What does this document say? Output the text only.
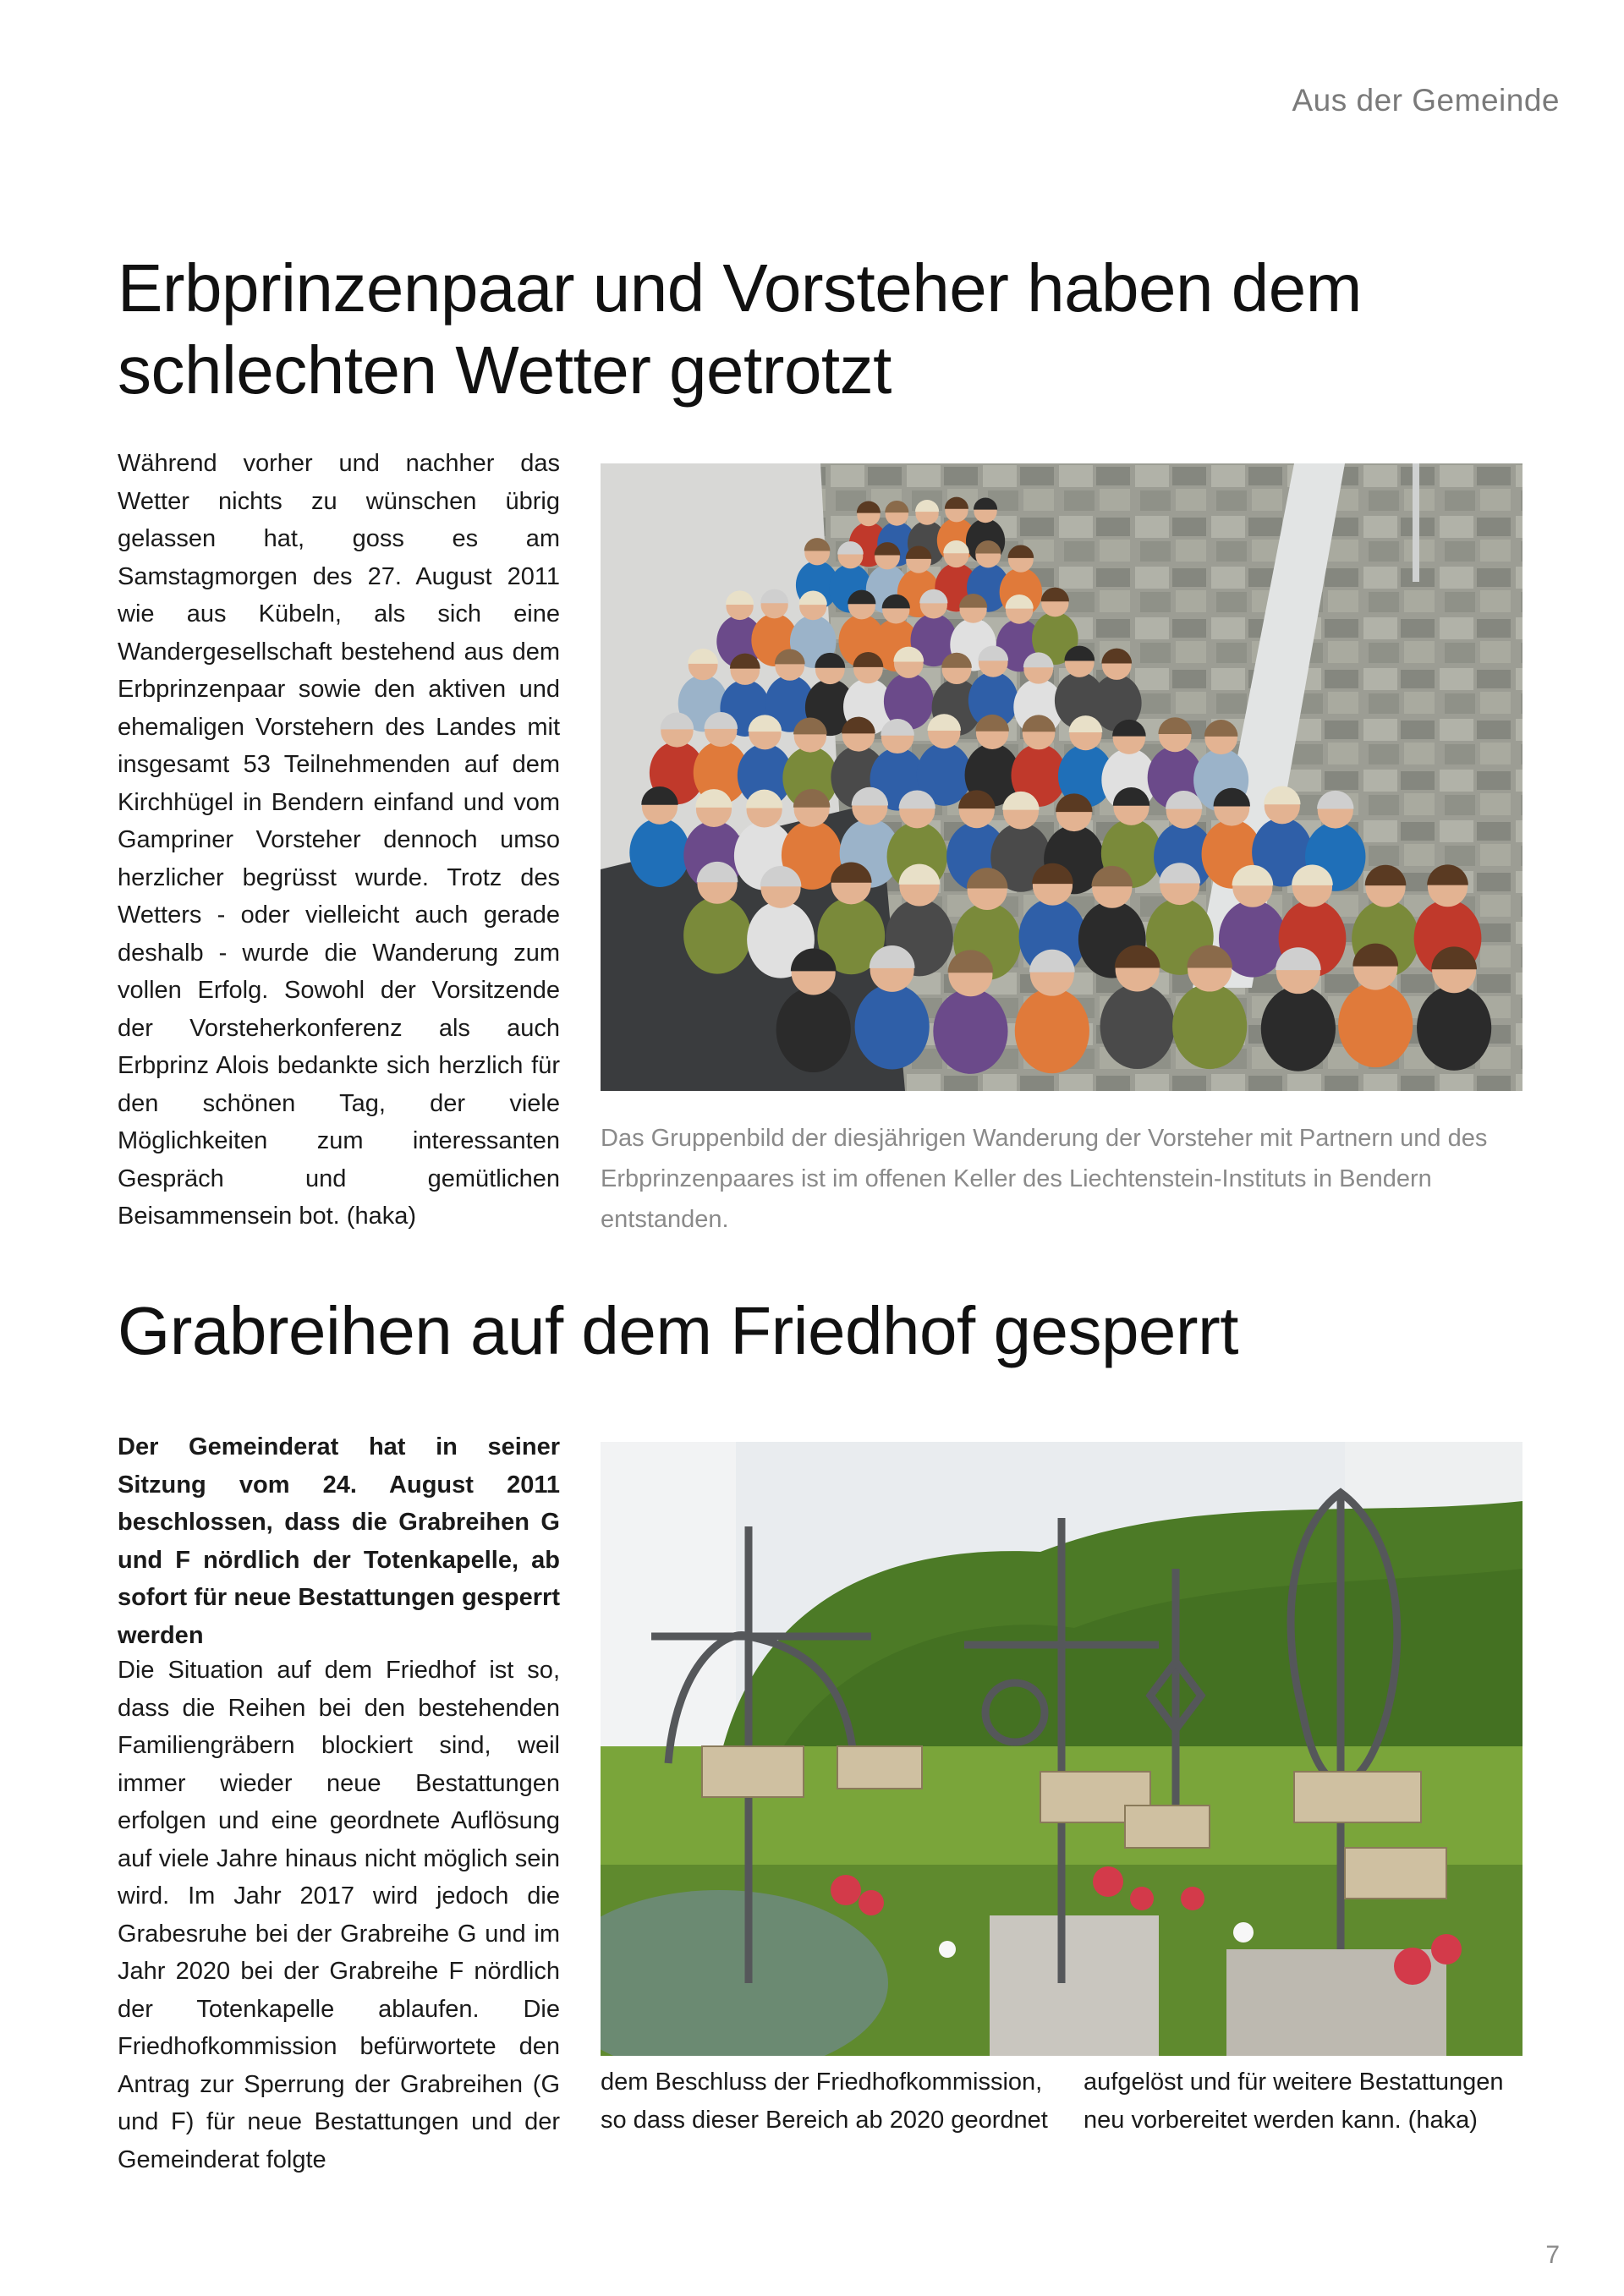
Aus der Gemeinde
Erbprinzenpaar und Vorsteher haben dem schlechten Wetter getrotzt
Während vorher und nachher das Wetter nichts zu wünschen übrig gelassen hat, goss es am Samstagmorgen des 27. August 2011 wie aus Kübeln, als sich eine Wandergesellschaft bestehend aus dem Erbprinzenpaar sowie den aktiven und ehemaligen Vorstehern des Landes mit insgesamt 53 Teilnehmenden auf dem Kirchhügel in Bendern einfand und vom Gampriner Vorsteher dennoch umso herzlicher begrüsst wurde. Trotz des Wetters - oder vielleicht auch gerade deshalb - wurde die Wanderung zum vollen Erfolg. Sowohl der Vorsitzende der Vorsteherkonferenz als auch Erbprinz Alois bedankte sich herzlich für den schönen Tag, der viele Möglichkeiten zum interessanten Gespräch und gemütlichen Beisammensein bot. (haka)
Das Gruppenbild der diesjährigen Wanderung der Vorsteher mit Partnern und des Erbprinzenpaares ist im offenen Keller des Liechtenstein-Instituts in Bendern entstanden.
Grabreihen auf dem Friedhof gesperrt
Der Gemeinderat hat in seiner Sitzung vom 24. August 2011 beschlossen, dass die Grabreihen G und F nördlich der Totenkapelle, ab sofort für neue Bestattungen gesperrt werden
Die Situation auf dem Friedhof ist so, dass die Reihen bei den bestehenden Familiengräbern blockiert sind, weil immer wieder neue Bestattungen erfolgen und eine geordnete Auflösung auf viele Jahre hinaus nicht möglich sein wird. Im Jahr 2017 wird jedoch die Grabesruhe bei der Grabreihe G und im Jahr 2020 bei der Grabreihe F nördlich der Totenkapelle ablaufen. Die Friedhofkommission befürwortete den Antrag zur Sperrung der Grabreihen (G und F) für neue Bestattungen und der Gemeinderat folgte
dem Beschluss der Friedhofkommission, so dass dieser Bereich ab 2020 geordnet
aufgelöst und für weitere Bestattungen neu vorbereitet werden kann. (haka)
7
